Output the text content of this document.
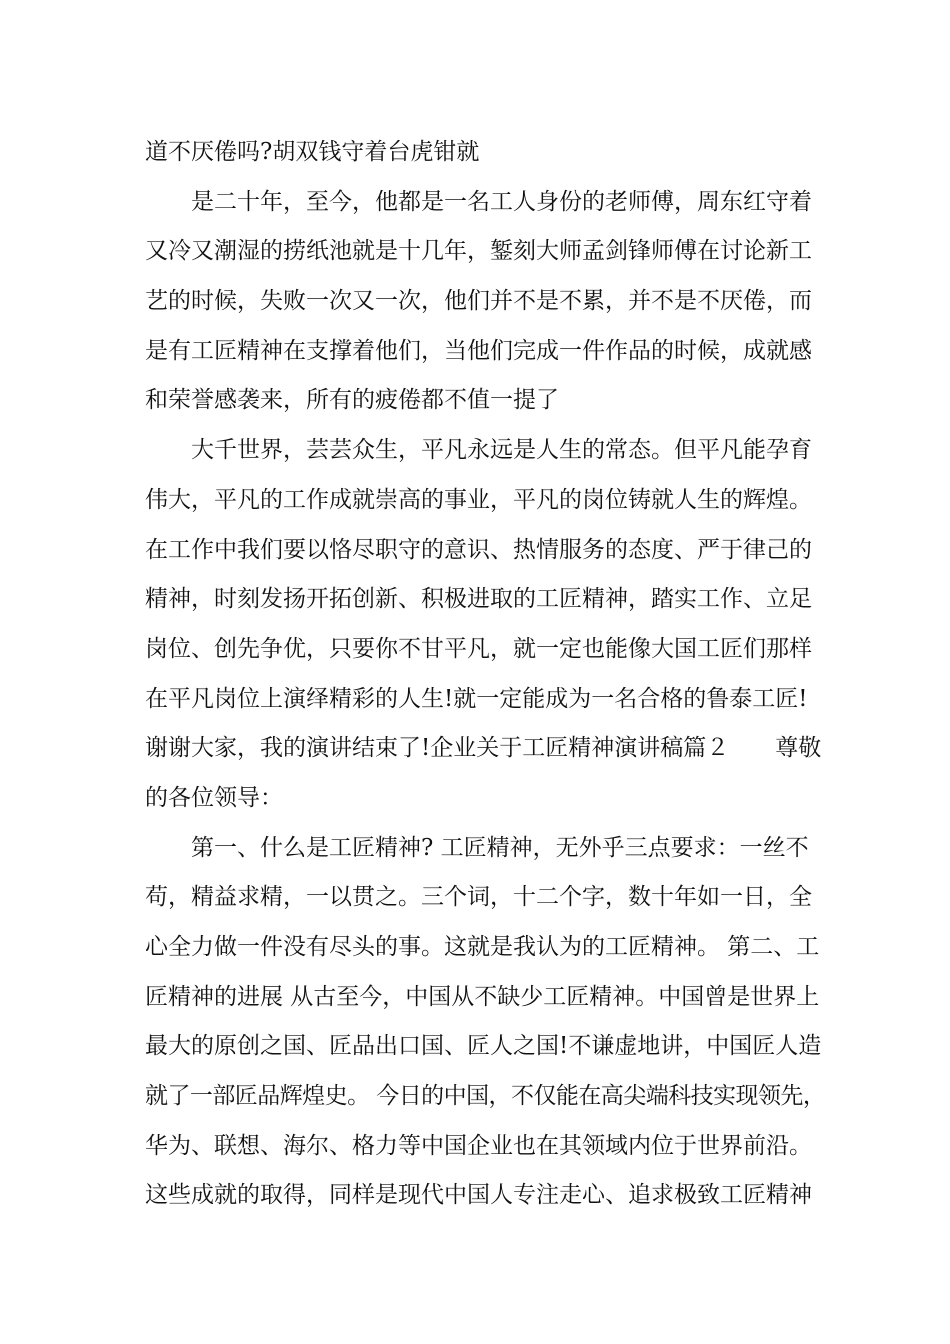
道不厌倦吗?胡双钱守着台虎钳就
是二十年，至今，他都是一名工人身份的老师傅，周东红守着
又冷又潮湿的捞纸池就是十几年，錾刻大师孟剑锋师傅在讨论新工
艺的时候，失败一次又一次，他们并不是不累，并不是不厌倦，而
是有工匠精神在支撑着他们，当他们完成一件作品的时候，成就感
和荣誉感袭来，所有的疲倦都不值一提了
大千世界，芸芸众生，平凡永远是人生的常态。但平凡能孕育
伟大，平凡的工作成就崇高的事业，平凡的岗位铸就人生的辉煌。
在工作中我们要以恪尽职守的意识、热情服务的态度、严于律己的
精神，时刻发扬开拓创新、积极进取的工匠精神，踏实工作、立足
岗位、创先争优，只要你不甘平凡，就一定也能像大国工匠们那样
在平凡岗位上演绎精彩的人生!就一定能成为一名合格的鲁泰工匠!
谢谢大家，我的演讲结束了!企业关于工匠精神演讲稿篇２　　尊敬
的各位领导：
第一、什么是工匠精神? 工匠精神，无外乎三点要求：一丝不
苟，精益求精，一以贯之。三个词，十二个字，数十年如一日，全
心全力做一件没有尽头的事。这就是我认为的工匠精神。 第二、工
匠精神的进展 从古至今，中国从不缺少工匠精神。中国曾是世界上
最大的原创之国、匠品出口国、匠人之国!不谦虚地讲，中国匠人造
就了一部匠品辉煌史。 今日的中国，不仅能在高尖端科技实现领先，
华为、联想、海尔、格力等中国企业也在其领域内位于世界前沿。
这些成就的取得，同样是现代中国人专注走心、追求极致工匠精神
